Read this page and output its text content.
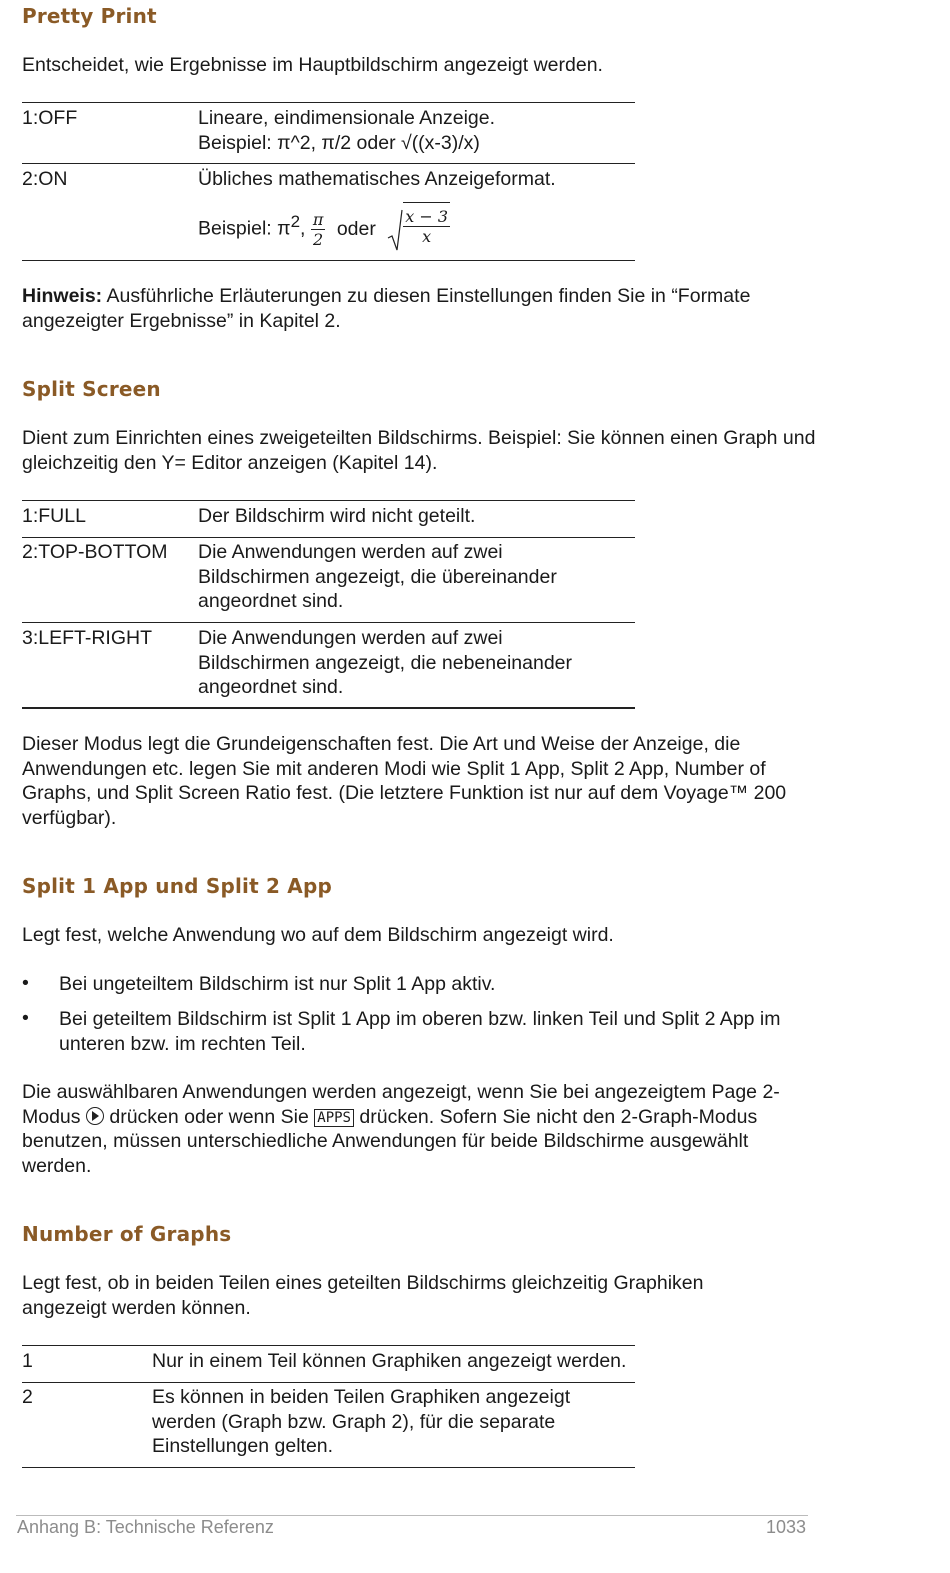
Pretty Print
Entscheidet, wie Ergebnisse im Hauptbildschirm angezeigt werden.
1:OFF	Lineare, eindimensionale Anzeige.
Beispiel: π^2, π/2 oder √((x-3)/x)
2:ON	Übliches mathematisches Anzeigeformat.
Beispiel: $\pi^2$, $\frac{\pi}{2}$ oder $\frac{x - 3}{x}$
Hinweis: Ausführliche Erläuterungen zu diesen Einstellungen finden Sie in “Formate angezeigter Ergebnisse” in Kapitel 2.
Split Screen
Dient zum Einrichten eines zweigeteilten Bildschirms. Beispiel: Sie können einen Graph und gleichzeitig den Y= Editor anzeigen (Kapitel 14).
1:FULL	Der Bildschirm wird nicht geteilt.
2:TOP-BOTTOM Die Anwendungen werden auf zwei Bildschirmen angezeigt, die übereinander angeordnet sind.
3:LEFT-RIGHT Die Anwendungen werden auf zwei Bildschirmen angezeigt, die nebeneinander angeordnet sind.
Dieser Modus legt die Grundeigenschaften fest. Die Art und Weise der Anzeige, die Anwendungen etc. legen Sie mit anderen Modi wie Split 1 App, Split 2 App, Number of Graphs, und Split Screen Ratio fest. (Die letztere Funktion ist nur auf dem Voyage™ 200 verfügbar).
Split 1 App und Split 2 App
Legt fest, welche Anwendung wo auf dem Bildschirm angezeigt wird.
• Bei ungeteiltem Bildschirm ist nur Split 1 App aktiv.
• Bei geteiltem Bildschirm ist Split 1 App im oberen bzw. linken Teil und Split 2 App im unteren bzw. im rechten Teil.
Die auswählbaren Anwendungen werden angezeigt, wenn Sie bei angezeigtem Page 2-Modus drücken oder wenn Sie APPS drücken. Sofern Sie nicht den 2-Graph-Modus benutzen, müssen unterschiedliche Anwendungen für beide Bildschirme ausgewählt werden.
Number of Graphs
Legt fest, ob in beiden Teilen eines geteilten Bildschirms gleichzeitig Graphiken angezeigt werden können.
1	Nur in einem Teil können Graphiken angezeigt werden.
2	Es können in beiden Teilen Graphiken angezeigt werden (Graph bzw. Graph 2), für die separate Einstellungen gelten.
Anhang B: Technische Referenz	1033
